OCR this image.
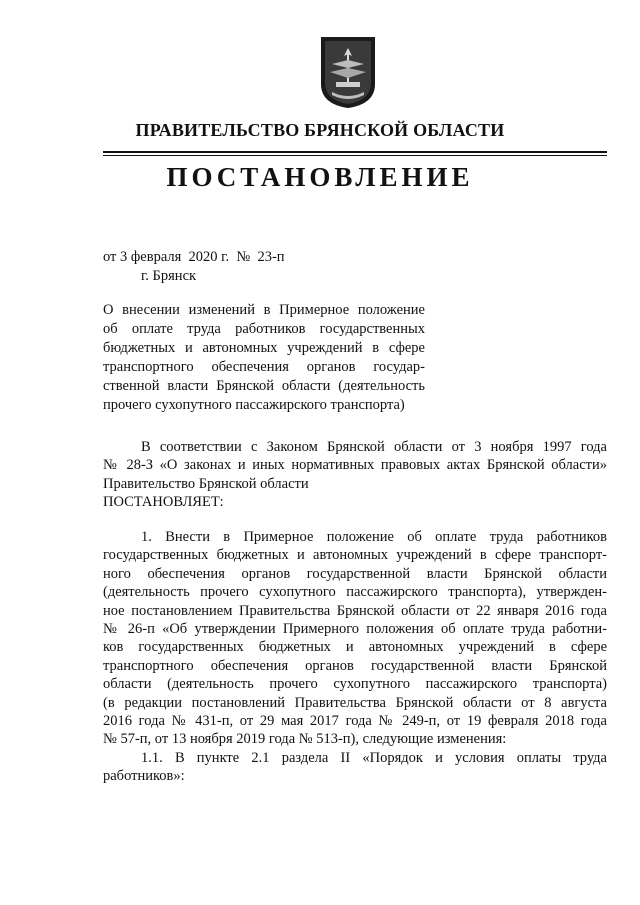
ПРАВИТЕЛЬСТВО БРЯНСКОЙ ОБЛАСТИ
ПОСТАНОВЛЕНИЕ
от 3 февраля  2020 г.  №  23-п
г. Брянск
О внесении изменений в Примерное положение
об оплате труда работников государственных
бюджетных и автономных учреждений в сфере
транспортного обеспечения органов государ-
ственной власти Брянской области (деятельность
прочего сухопутного пассажирского транспорта)
В соответствии с Законом Брянской области от 3 ноября 1997 года
№ 28-З «О законах и иных нормативных правовых актах Брянской области»
Правительство Брянской области
ПОСТАНОВЛЯЕТ:
1. Внести в Примерное положение об оплате труда работников
государственных бюджетных и автономных учреждений в сфере транспорт-
ного обеспечения органов государственной власти Брянской области
(деятельность прочего сухопутного пассажирского транспорта), утвержден-
ное постановлением Правительства Брянской области от 22 января 2016 года
№ 26-п «Об утверждении Примерного положения об оплате труда работни-
ков государственных бюджетных и автономных учреждений в сфере
транспортного обеспечения органов государственной власти Брянской
области (деятельность прочего сухопутного пассажирского транспорта)
(в редакции постановлений Правительства Брянской области от 8 августа
2016 года № 431-п, от 29 мая 2017 года № 249-п, от 19 февраля 2018 года
№ 57-п, от 13 ноября 2019 года № 513-п), следующие изменения:
1.1. В пункте 2.1 раздела II «Порядок и условия оплаты труда
работников»:
